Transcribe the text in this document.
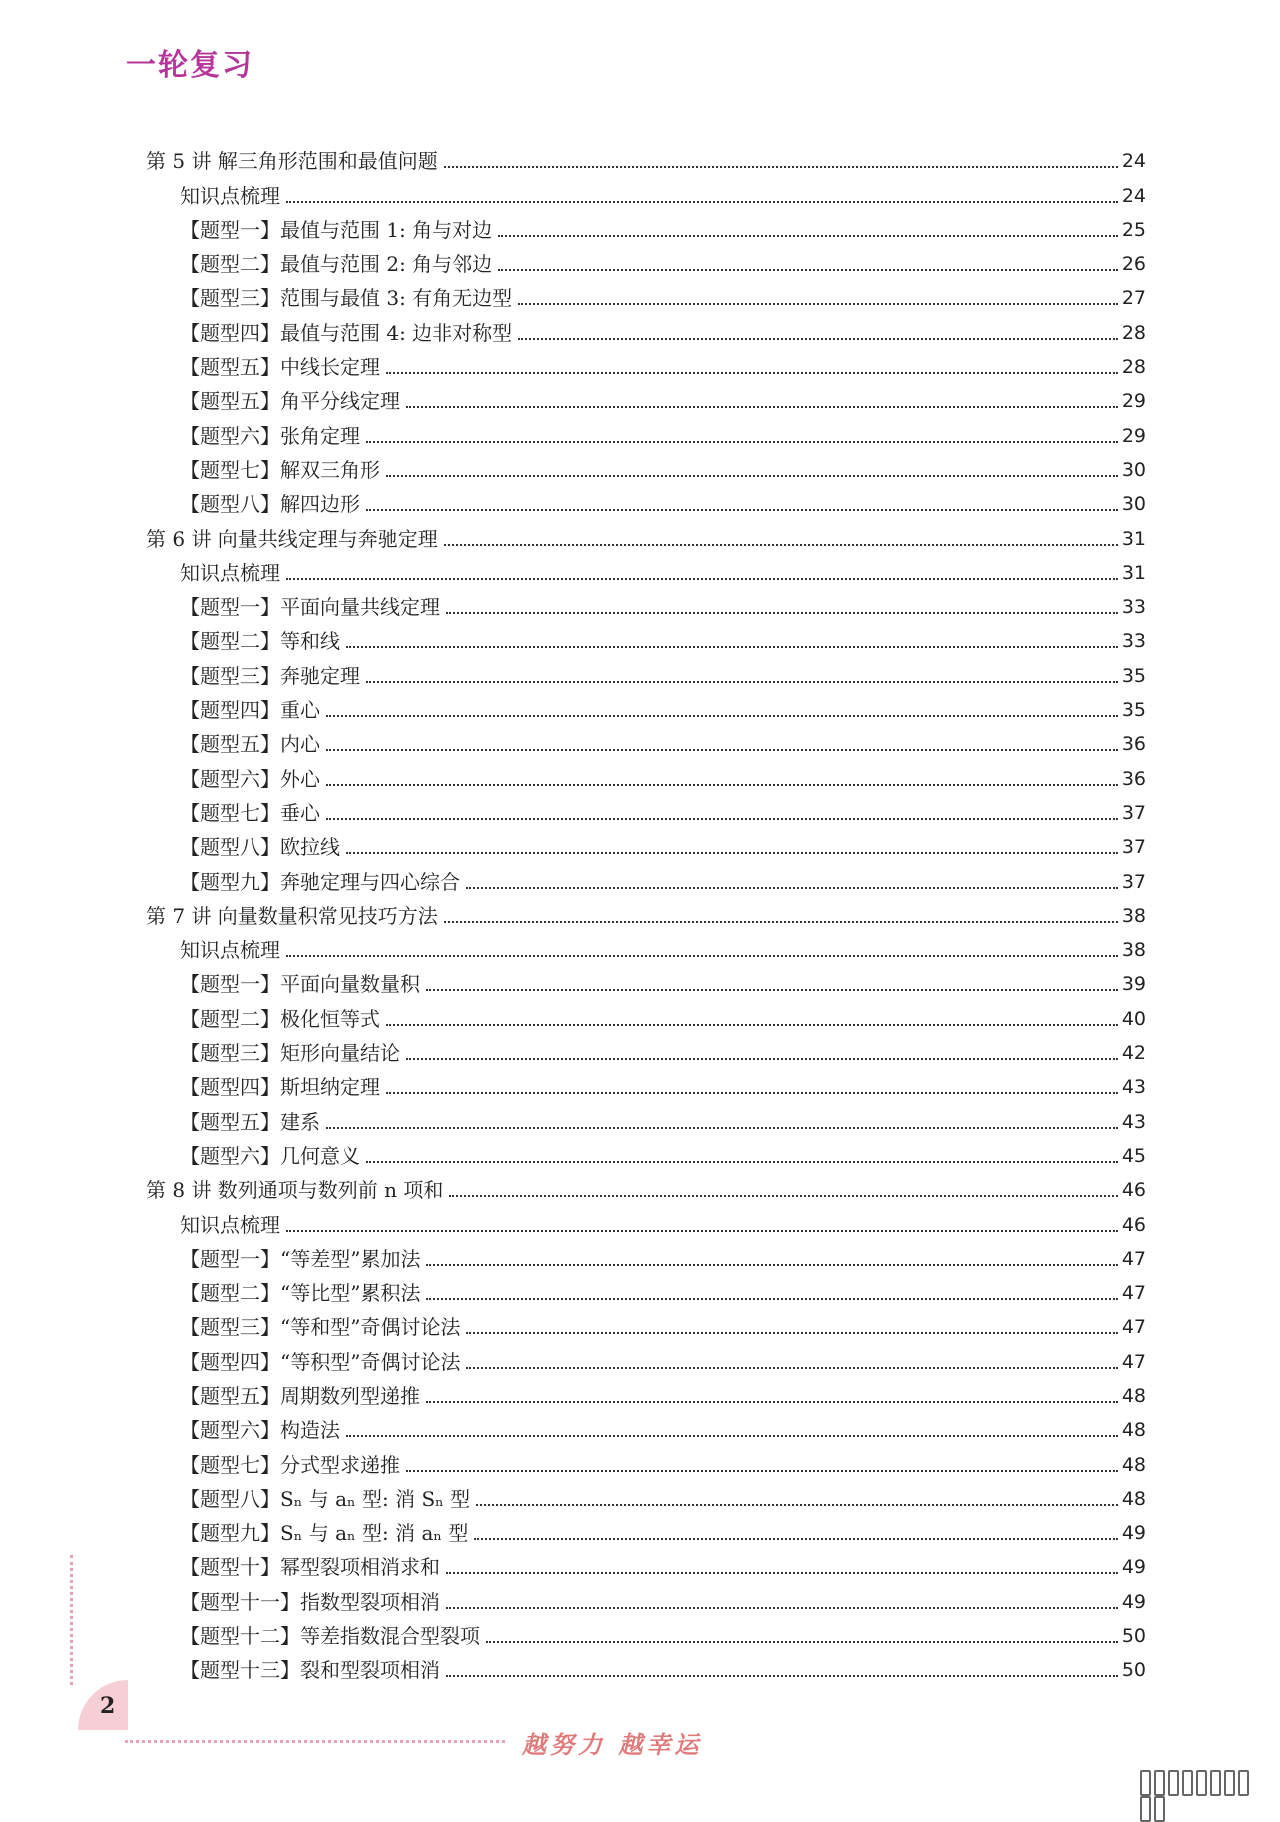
一轮复习
第 5 讲 解三角形范围和最值问题	24
知识点梳理	24
【题型一】最值与范围 1: 角与对边	25
【题型二】最值与范围 2: 角与邻边	26
【题型三】范围与最值 3: 有角无边型	27
【题型四】最值与范围 4: 边非对称型	28
【题型五】中线长定理	28
【题型五】角平分线定理	29
【题型六】张角定理	29
【题型七】解双三角形	30
【题型八】解四边形	30
第 6 讲 向量共线定理与奔驰定理	31
知识点梳理	31
【题型一】平面向量共线定理	33
【题型二】等和线	33
【题型三】奔驰定理	35
【题型四】重心	35
【题型五】内心	36
【题型六】外心	36
【题型七】垂心	37
【题型八】欧拉线	37
【题型九】奔驰定理与四心综合	37
第 7 讲 向量数量积常见技巧方法	38
知识点梳理	38
【题型一】平面向量数量积	39
【题型二】极化恒等式	40
【题型三】矩形向量结论	42
【题型四】斯坦纳定理	43
【题型五】建系	43
【题型六】几何意义	45
第 8 讲 数列通项与数列前 n 项和	46
知识点梳理	46
【题型一】“等差型”累加法	47
【题型二】“等比型”累积法	47
【题型三】“等和型”奇偶讨论法	47
【题型四】“等积型”奇偶讨论法	47
【题型五】周期数列型递推	48
【题型六】构造法	48
【题型七】分式型求递推	48
【题型八】Sₙ 与 aₙ 型: 消 Sₙ 型	48
【题型九】Sₙ 与 aₙ 型: 消 aₙ 型	49
【题型十】幂型裂项相消求和	49
【题型十一】指数型裂项相消	49
【题型十二】等差指数混合型裂项	50
【题型十三】裂和型裂项相消	50
2
越努力 越幸运
